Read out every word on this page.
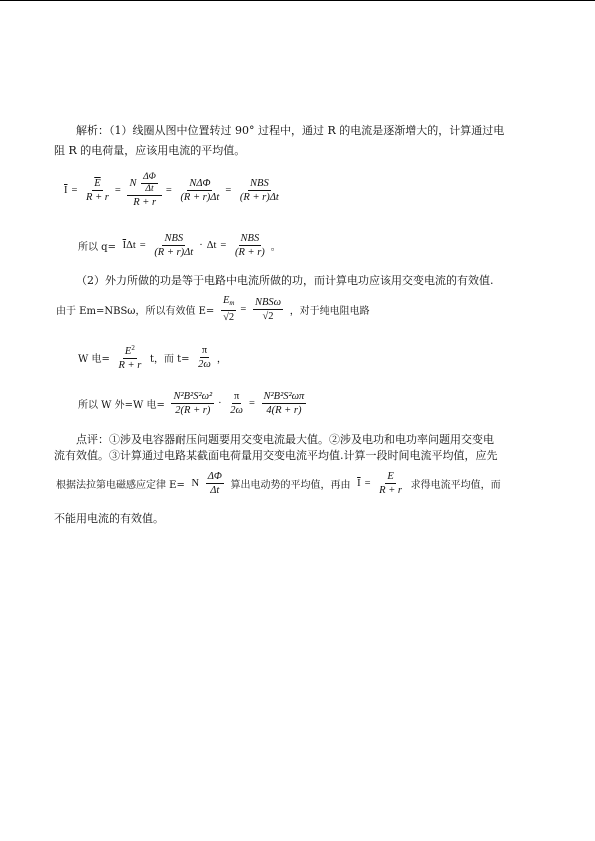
解析：（1）线圈从图中位置转过 90° 过程中，通过 R 的电流是逐渐增大的，计算通过电
阻 R 的电荷量，应该用电流的平均值。
$\overline{I} = \frac{\overline{E}}{R + r} = \frac{N \frac{\Delta\Phi}{\Delta t}}{R + r} = \frac{\text{NΔΦ}}{(R + r)\Delta t} = \frac{\text{NBS}}{(R + r)\Delta t}$
所以 $q= \overline{I}\Delta t = \frac{\text{NBS}}{(R + r)\Delta t} \cdot \Delta t = \frac{\text{NBS}}{(R + r)}$ 。
（2）外力所做的功是等于电路中电流所做的功，而计算电功应该用交变电流的有效值.
由于 Em=NBSω，所以有效值 $E= \frac{E_m}{√2} = \frac{\text{NBSω}}{√2}$ ，对于纯电阻电路
W 电= $\frac{E^2}{R + r}$ t，而 $t= \frac{\pi}{2\omega}$ ，
所以 W 外=W 电= $\frac{\text{N²B²S²ω²}}{2(R + r)} \cdot \frac{\pi}{2\omega} = \frac{\text{N²B²S²ωπ}}{4(R + r)}$
点评：①涉及电容器耐压问题要用交变电流最大值。②涉及电功和电功率问题用交变电
流有效值。③计算通过电路某截面电荷量用交变电流平均值.计算一段时间电流平均值，应先
根据法拉第电磁感应定律 E= N $\frac{\Delta\Phi}{\Delta t}$ 算出电动势的平均值，再由 $\overline{I} = \frac{E}{R + r}$ 求得电流平均值，而
不能用电流的有效值。
